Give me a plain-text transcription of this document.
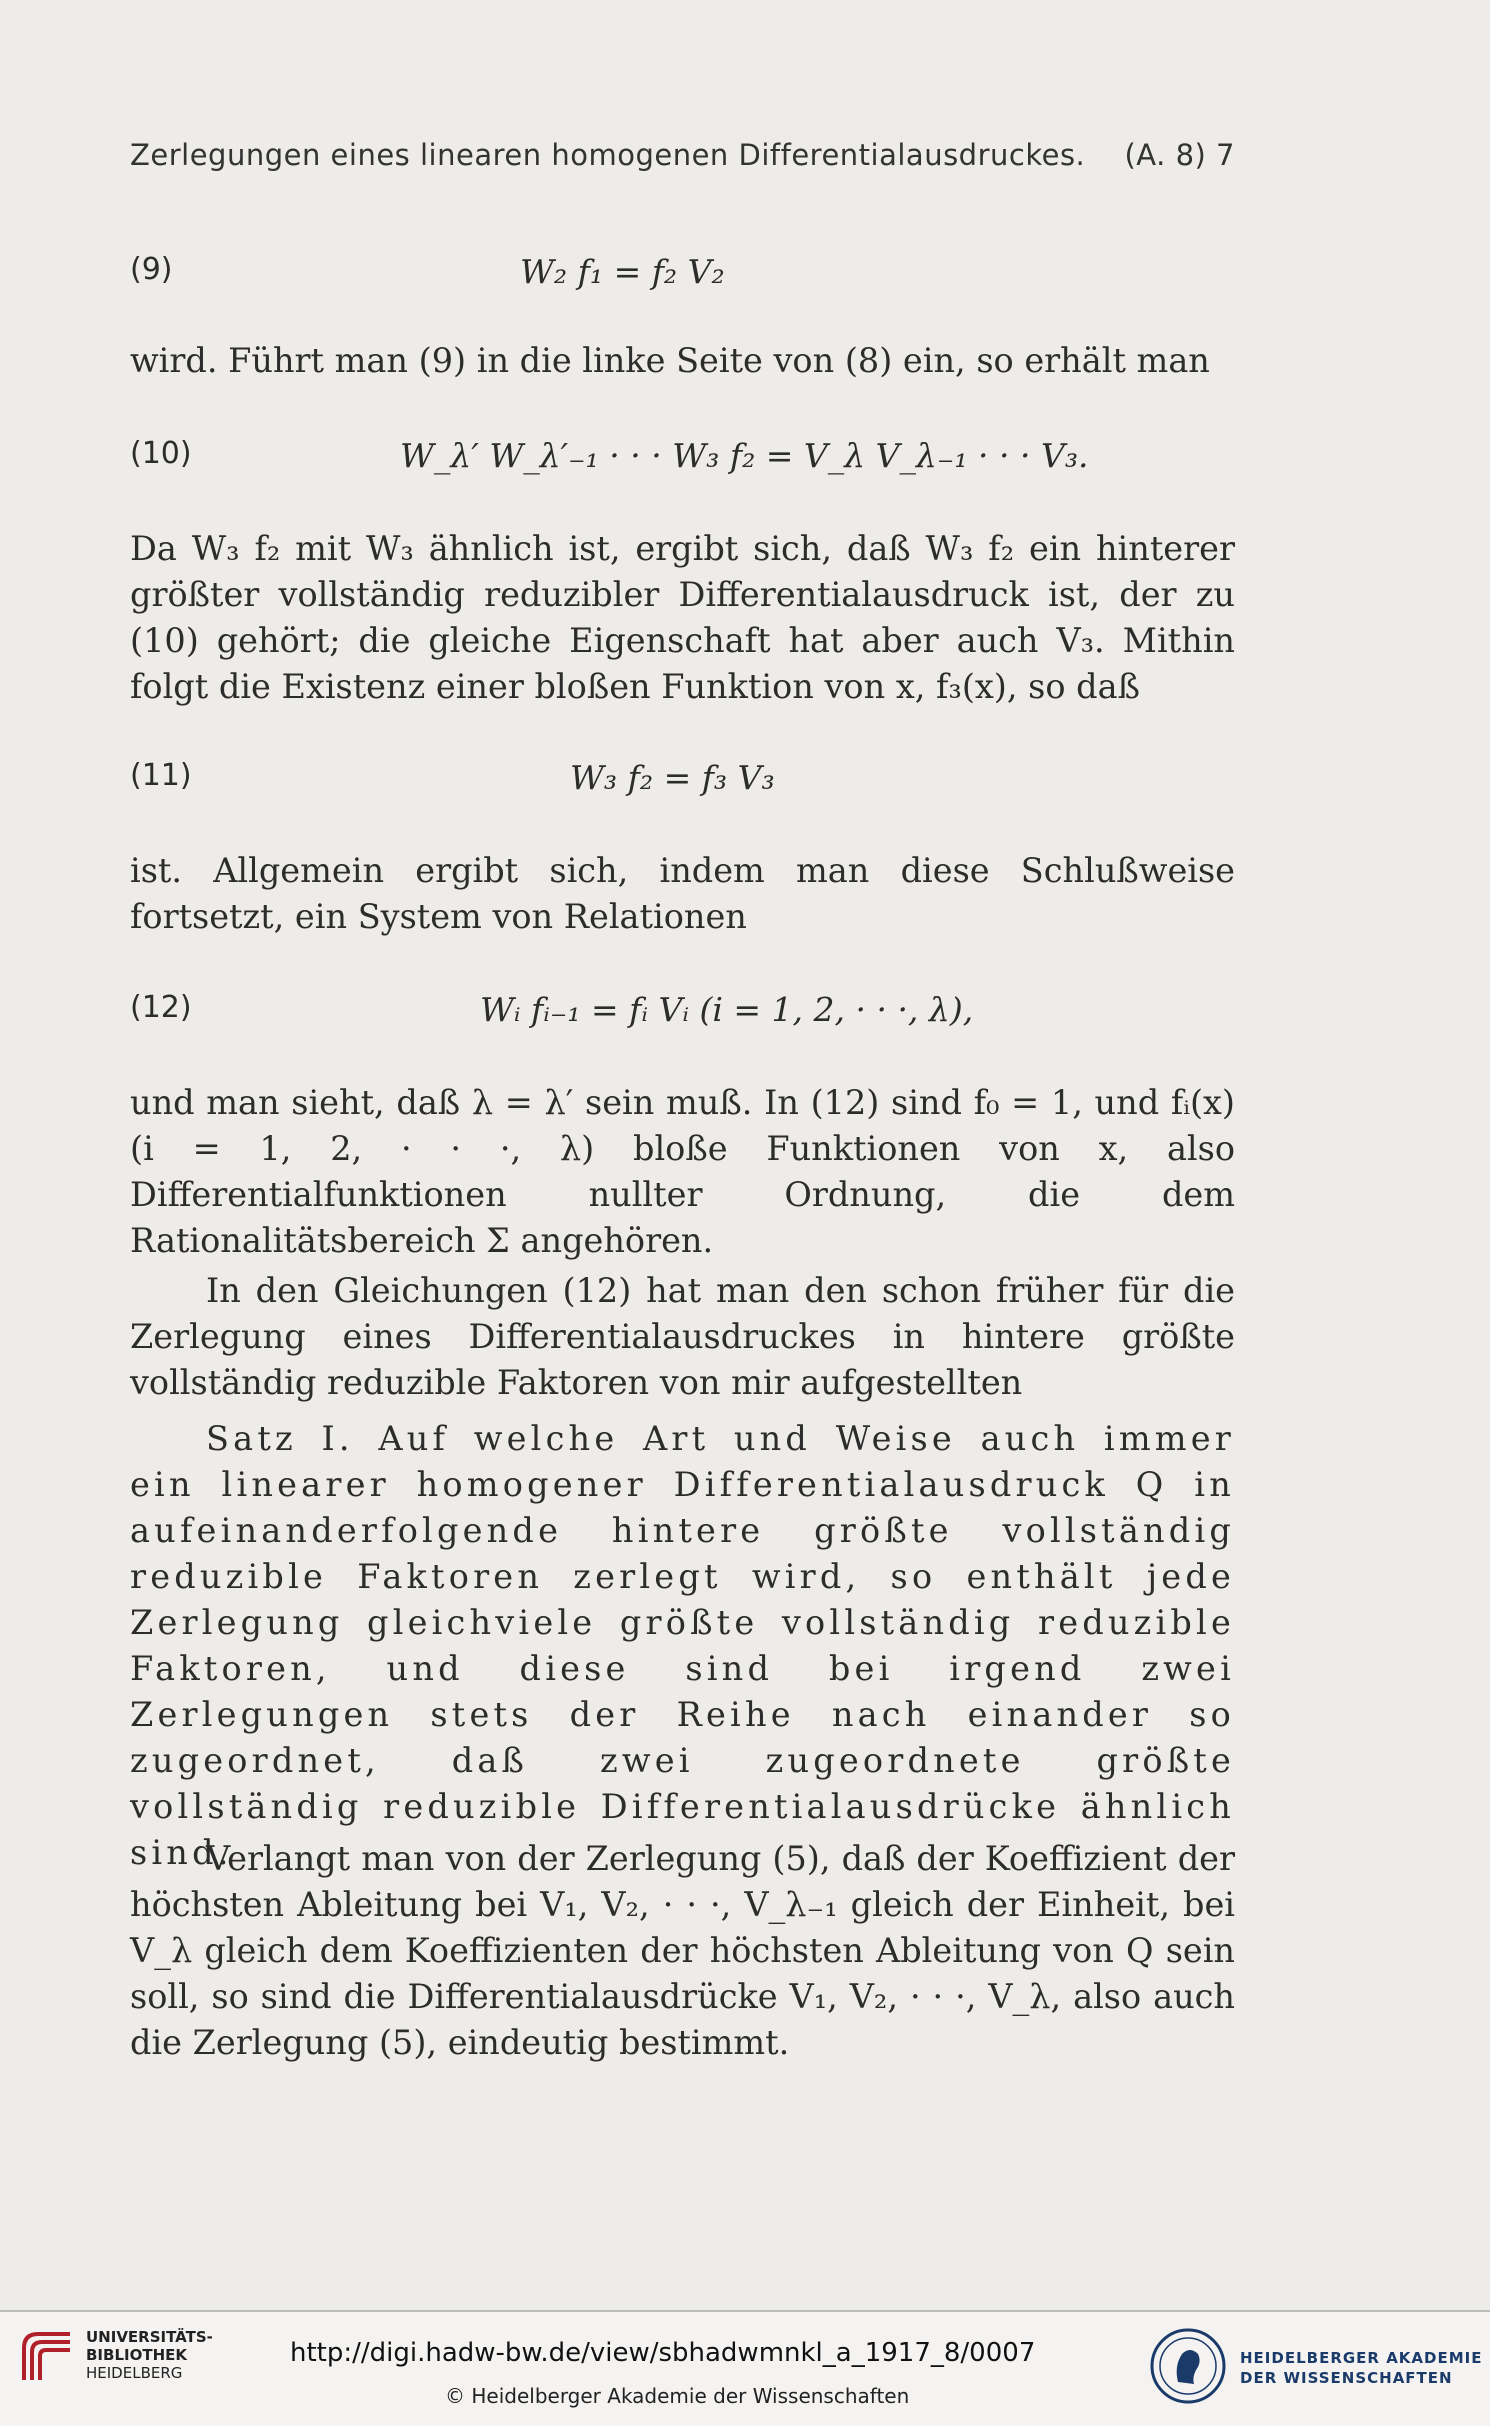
Zerlegungen eines linearen homogenen Differentialausdruckes. (A. 8) 7
(9)	W₂ f₁ = f₂ V₂
wird. Führt man (9) in die linke Seite von (8) ein, so erhält man
(10)	W_λ′ W_λ′₋₁ · · · W₃ f₂ = V_λ V_λ₋₁ · · · V₃.
Da W₃ f₂ mit W₃ ähnlich ist, ergibt sich, daß W₃ f₂ ein hinterer größter vollständig reduzibler Differentialausdruck ist, der zu (10) gehört; die gleiche Eigenschaft hat aber auch V₃. Mithin folgt die Existenz einer bloßen Funktion von x, f₃(x), so daß
(11)	W₃ f₂ = f₃ V₃
ist. Allgemein ergibt sich, indem man diese Schlußweise fortsetzt, ein System von Relationen
(12)	Wᵢ fᵢ₋₁ = fᵢ Vᵢ (i = 1, 2, · · ·, λ),
und man sieht, daß λ = λ′ sein muß. In (12) sind f₀ = 1, und fᵢ(x) (i = 1, 2, · · ·, λ) bloße Funktionen von x, also Differentialfunktionen nullter Ordnung, die dem Rationalitätsbereich Σ angehören.
In den Gleichungen (12) hat man den schon früher für die Zerlegung eines Differentialausdruckes in hintere größte vollständig reduzible Faktoren von mir aufgestellten
Satz I. Auf welche Art und Weise auch immer ein linearer homogener Differentialausdruck Q in aufeinanderfolgende hintere größte vollständig reduzible Faktoren zerlegt wird, so enthält jede Zerlegung gleichviele größte vollständig reduzible Faktoren, und diese sind bei irgend zwei Zerlegungen stets der Reihe nach einander so zugeordnet, daß zwei zugeordnete größte vollständig reduzible Differentialausdrücke ähnlich sind.
Verlangt man von der Zerlegung (5), daß der Koeffizient der höchsten Ableitung bei V₁, V₂, · · ·, V_λ₋₁ gleich der Einheit, bei V_λ gleich dem Koeffizienten der höchsten Ableitung von Q sein soll, so sind die Differentialausdrücke V₁, V₂, · · ·, V_λ, also auch die Zerlegung (5), eindeutig bestimmt.
UNIVERSITÄTS-
BIBLIOTHEK
HEIDELBERG
http://digi.hadw-bw.de/view/sbhadwmnkl_a_1917_8/0007
© Heidelberger Akademie der Wissenschaften
HEIDELBERGER AKADEMIE
DER WISSENSCHAFTEN
